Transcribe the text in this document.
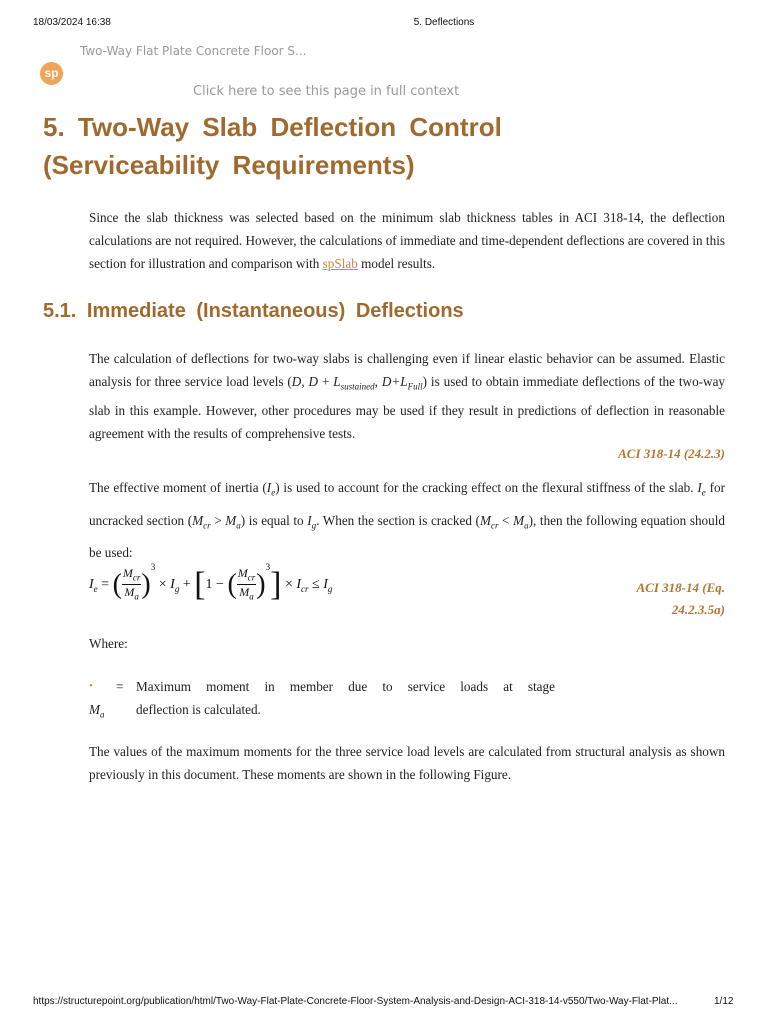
18/03/2024 16:38	5. Deflections
Two-Way Flat Plate Concrete Floor S...
sp
Click here to see this page in full context
5. Two-Way Slab Deflection Control
(Serviceability Requirements)
Since the slab thickness was selected based on the minimum slab thickness tables in ACI 318-14, the deflection calculations are not required. However, the calculations of immediate and time-dependent deflections are covered in this section for illustration and comparison with spSlab model results.
5.1. Immediate (Instantaneous) Deflections
The calculation of deflections for two-way slabs is challenging even if linear elastic behavior can be assumed. Elastic analysis for three service load levels (D, $D + L_{sustained}$, $D+L_{Full}$) is used to obtain immediate deflections of the two-way slab in this example. However, other procedures may be used if they result in predictions of deflection in reasonable agreement with the results of comprehensive tests.
ACI 318-14 (24.2.3)
The effective moment of inertia $(I_e)$ is used to account for the cracking effect on the flexural stiffness of the slab. $I_e$ for uncracked section $(M_{cr} > M_a)$ is equal to $I_g$. When the section is cracked $(M_{cr} < M_a)$, then the following equation should be used:
$I_e$ = ( $\frac{M_{cr}}{M_a} )^3 \times I_g + [1$ − ( $\frac{M_{cr}}{M_a} )^3] \times I_{cr} \le I_g$	ACI 318-14 (Eq.
24.2.3.5a)
Where:
• = Maximum moment in member due to service loads at stage
$M_a$ deflection is calculated.
The values of the maximum moments for the three service load levels are calculated from structural analysis as shown previously in this document. These moments are shown in the following Figure.
https://structurepoint.org/publication/html/Two-Way-Flat-Plate-Concrete-Floor-System-Analysis-and-Design-ACI-318-14-v550/Two-Way-Flat-Plat...	1/12
